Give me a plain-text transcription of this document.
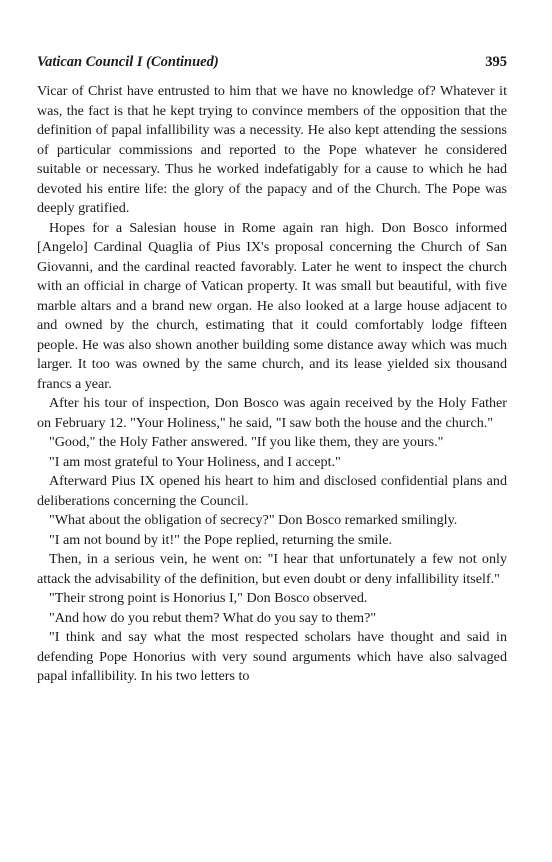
Vatican Council I (Continued)	395

Vicar of Christ have entrusted to him that we have no knowledge of? Whatever it was, the fact is that he kept trying to convince members of the opposition that the definition of papal infallibility was a necessity. He also kept attending the sessions of particular commissions and reported to the Pope whatever he considered suitable or necessary. Thus he worked indefatigably for a cause to which he had devoted his entire life: the glory of the papacy and of the Church. The Pope was deeply gratified.

Hopes for a Salesian house in Rome again ran high. Don Bosco informed [Angelo] Cardinal Quaglia of Pius IX's proposal concerning the Church of San Giovanni, and the cardinal reacted favorably. Later he went to inspect the church with an official in charge of Vatican property. It was small but beautiful, with five marble altars and a brand new organ. He also looked at a large house adjacent to and owned by the church, estimating that it could comfortably lodge fifteen people. He was also shown another building some distance away which was much larger. It too was owned by the same church, and its lease yielded six thousand francs a year.

After his tour of inspection, Don Bosco was again received by the Holy Father on February 12. "Your Holiness," he said, "I saw both the house and the church."

"Good," the Holy Father answered. "If you like them, they are yours."

"I am most grateful to Your Holiness, and I accept."

Afterward Pius IX opened his heart to him and disclosed confidential plans and deliberations concerning the Council.

"What about the obligation of secrecy?" Don Bosco remarked smilingly.

"I am not bound by it!" the Pope replied, returning the smile.

Then, in a serious vein, he went on: "I hear that unfortunately a few not only attack the advisability of the definition, but even doubt or deny infallibility itself."

"Their strong point is Honorius I," Don Bosco observed.

"And how do you rebut them? What do you say to them?"

"I think and say what the most respected scholars have thought and said in defending Pope Honorius with very sound arguments which have also salvaged papal infallibility. In his two letters to
